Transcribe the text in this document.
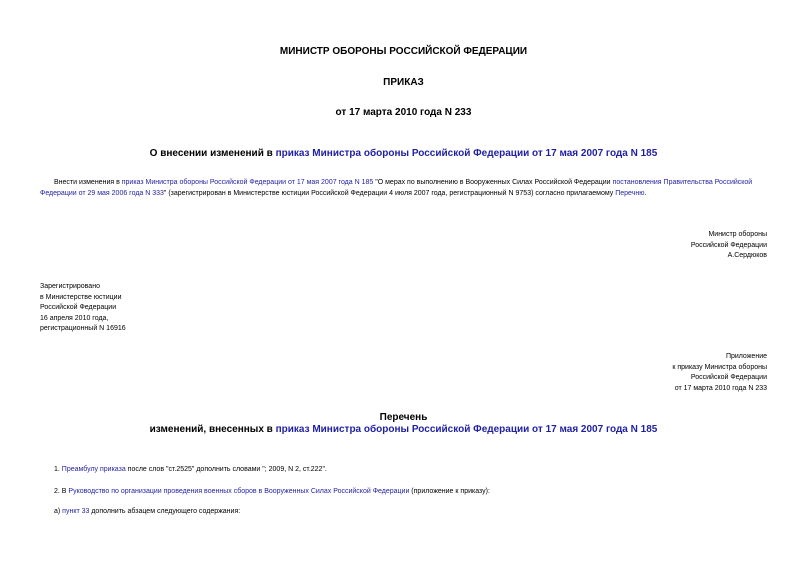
МИНИСТР ОБОРОНЫ РОССИЙСКОЙ ФЕДЕРАЦИИ
ПРИКАЗ
от 17 марта 2010 года N 233
О внесении изменений в приказ Министра обороны Российской Федерации от 17 мая 2007 года N 185
Внести изменения в приказ Министра обороны Российской Федерации от 17 мая 2007 года N 185 "О мерах по выполнению в Вооруженных Силах Российской Федерации постановления Правительства Российской Федерации от 29 мая 2006 года N 333" (зарегистрирован в Министерстве юстиции Российской Федерации 4 июля 2007 года, регистрационный N 9753) согласно прилагаемому Перечню.
Министр обороны
Российской Федерации
А.Сердюков
Зарегистрировано
в Министерстве юстиции
Российской Федерации
16 апреля 2010 года,
регистрационный N 16916
Приложение
к приказу Министра обороны
Российской Федерации
от 17 марта 2010 года N 233
Перечень
изменений, внесенных в приказ Министра обороны Российской Федерации от 17 мая 2007 года N 185
1. Преамбулу приказа после слов "ст.2525" дополнить словами "; 2009, N 2, ст.222".
2. В Руководство по организации проведения военных сборов в Вооруженных Силах Российской Федерации (приложение к приказу):
а) пункт 33 дополнить абзацем следующего содержания:
